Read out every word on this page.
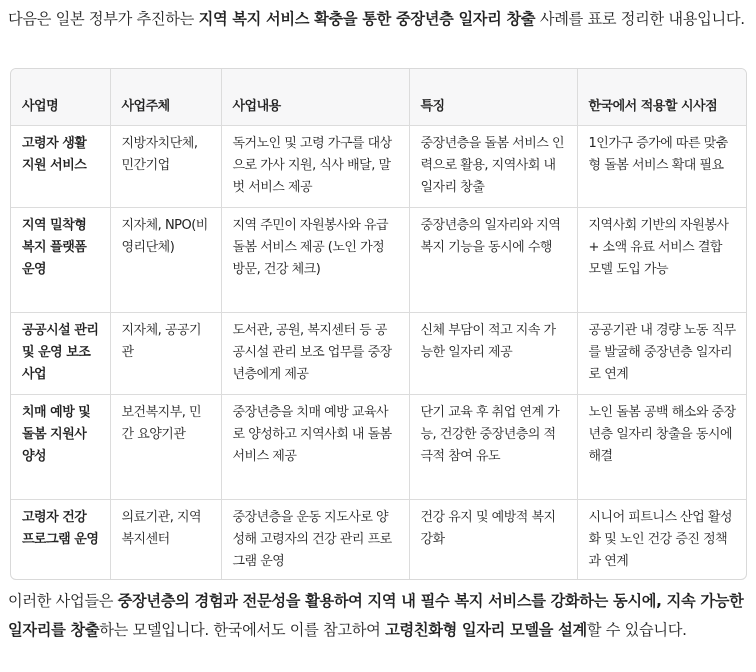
다음은 일본 정부가 추진하는 지역 복지 서비스 확충을 통한 중장년층 일자리 창출 사례를 표로 정리한 내용입니다.
사업명	사업주체	사업내용	특징	한국에서 적용할 시사점
고령자 생활 지원 서비스	지방자치단체, 민간기업	독거노인 및 고령 가구를 대상으로 가사 지원, 식사 배달, 말벗 서비스 제공	중장년층을 돌봄 서비스 인력으로 활용, 지역사회 내 일자리 창출	1인가구 증가에 따른 맞춤형 돌봄 서비스 확대 필요
지역 밀착형 복지 플랫폼 운영	지자체, NPO(비영리단체)	지역 주민이 자원봉사와 유급 돌봄 서비스 제공 (노인 가정 방문, 건강 체크)	중장년층의 일자리와 지역 복지 기능을 동시에 수행	지역사회 기반의 자원봉사 + 소액 유료 서비스 결합 모델 도입 가능
공공시설 관리 및 운영 보조 사업	지자체, 공공기관	도서관, 공원, 복지센터 등 공공시설 관리 보조 업무를 중장년층에게 제공	신체 부담이 적고 지속 가능한 일자리 제공	공공기관 내 경량 노동 직무를 발굴해 중장년층 일자리로 연계
치매 예방 및 돌봄 지원사 양성	보건복지부, 민간 요양기관	중장년층을 치매 예방 교육사로 양성하고 지역사회 내 돌봄 서비스 제공	단기 교육 후 취업 연계 가능, 건강한 중장년층의 적극적 참여 유도	노인 돌봄 공백 해소와 중장년층 일자리 창출을 동시에 해결
고령자 건강 프로그램 운영	의료기관, 지역 복지센터	중장년층을 운동 지도사로 양성해 고령자의 건강 관리 프로그램 운영	건강 유지 및 예방적 복지 강화	시니어 피트니스 산업 활성화 및 노인 건강 증진 정책과 연계
이러한 사업들은 중장년층의 경험과 전문성을 활용하여 지역 내 필수 복지 서비스를 강화하는 동시에, 지속 가능한 일자리를 창출하는 모델입니다. 한국에서도 이를 참고하여 고령친화형 일자리 모델을 설계할 수 있습니다.
